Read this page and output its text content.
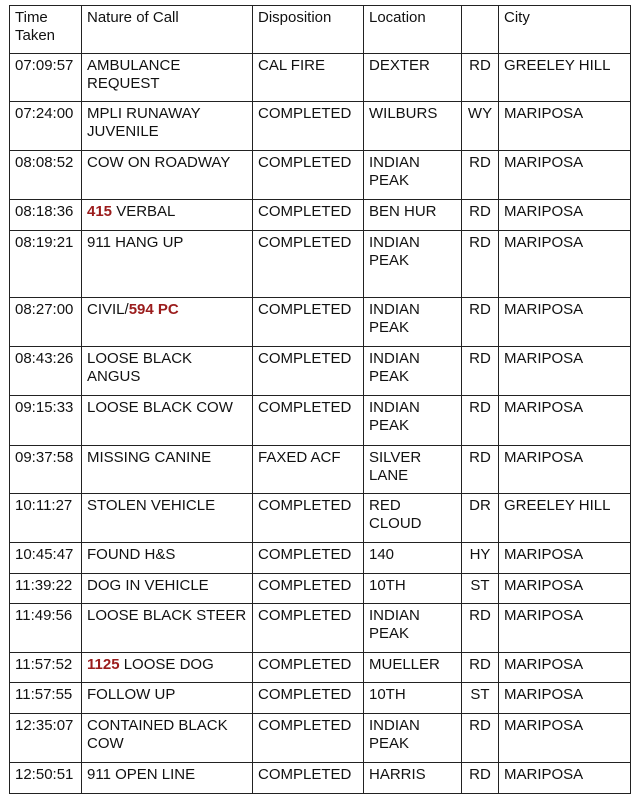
Time Taken	Nature of Call	Disposition	Location		City
07:09:57	AMBULANCE REQUEST	CAL FIRE	DEXTER	RD	GREELEY HILL
07:24:00	MPLI RUNAWAY JUVENILE	COMPLETED	WILBURS	WY	MARIPOSA
08:08:52	COW ON ROADWAY	COMPLETED	INDIAN PEAK	RD	MARIPOSA
08:18:36	415 VERBAL	COMPLETED	BEN HUR	RD	MARIPOSA
08:19:21	911 HANG UP	COMPLETED	INDIAN PEAK	RD	MARIPOSA
08:27:00	CIVIL/594 PC	COMPLETED	INDIAN PEAK	RD	MARIPOSA
08:43:26	LOOSE BLACK ANGUS	COMPLETED	INDIAN PEAK	RD	MARIPOSA
09:15:33	LOOSE BLACK COW	COMPLETED	INDIAN PEAK	RD	MARIPOSA
09:37:58	MISSING CANINE	FAXED ACF	SILVER LANE	RD	MARIPOSA
10:11:27	STOLEN VEHICLE	COMPLETED	RED CLOUD	DR	GREELEY HILL
10:45:47	FOUND H&S	COMPLETED	140	HY	MARIPOSA
11:39:22	DOG IN VEHICLE	COMPLETED	10TH	ST	MARIPOSA
11:49:56	LOOSE BLACK STEER	COMPLETED	INDIAN PEAK	RD	MARIPOSA
11:57:52	1125 LOOSE DOG	COMPLETED	MUELLER	RD	MARIPOSA
11:57:55	FOLLOW UP	COMPLETED	10TH	ST	MARIPOSA
12:35:07	CONTAINED BLACK COW	COMPLETED	INDIAN PEAK	RD	MARIPOSA
12:50:51	911 OPEN LINE	COMPLETED	HARRIS	RD	MARIPOSA
